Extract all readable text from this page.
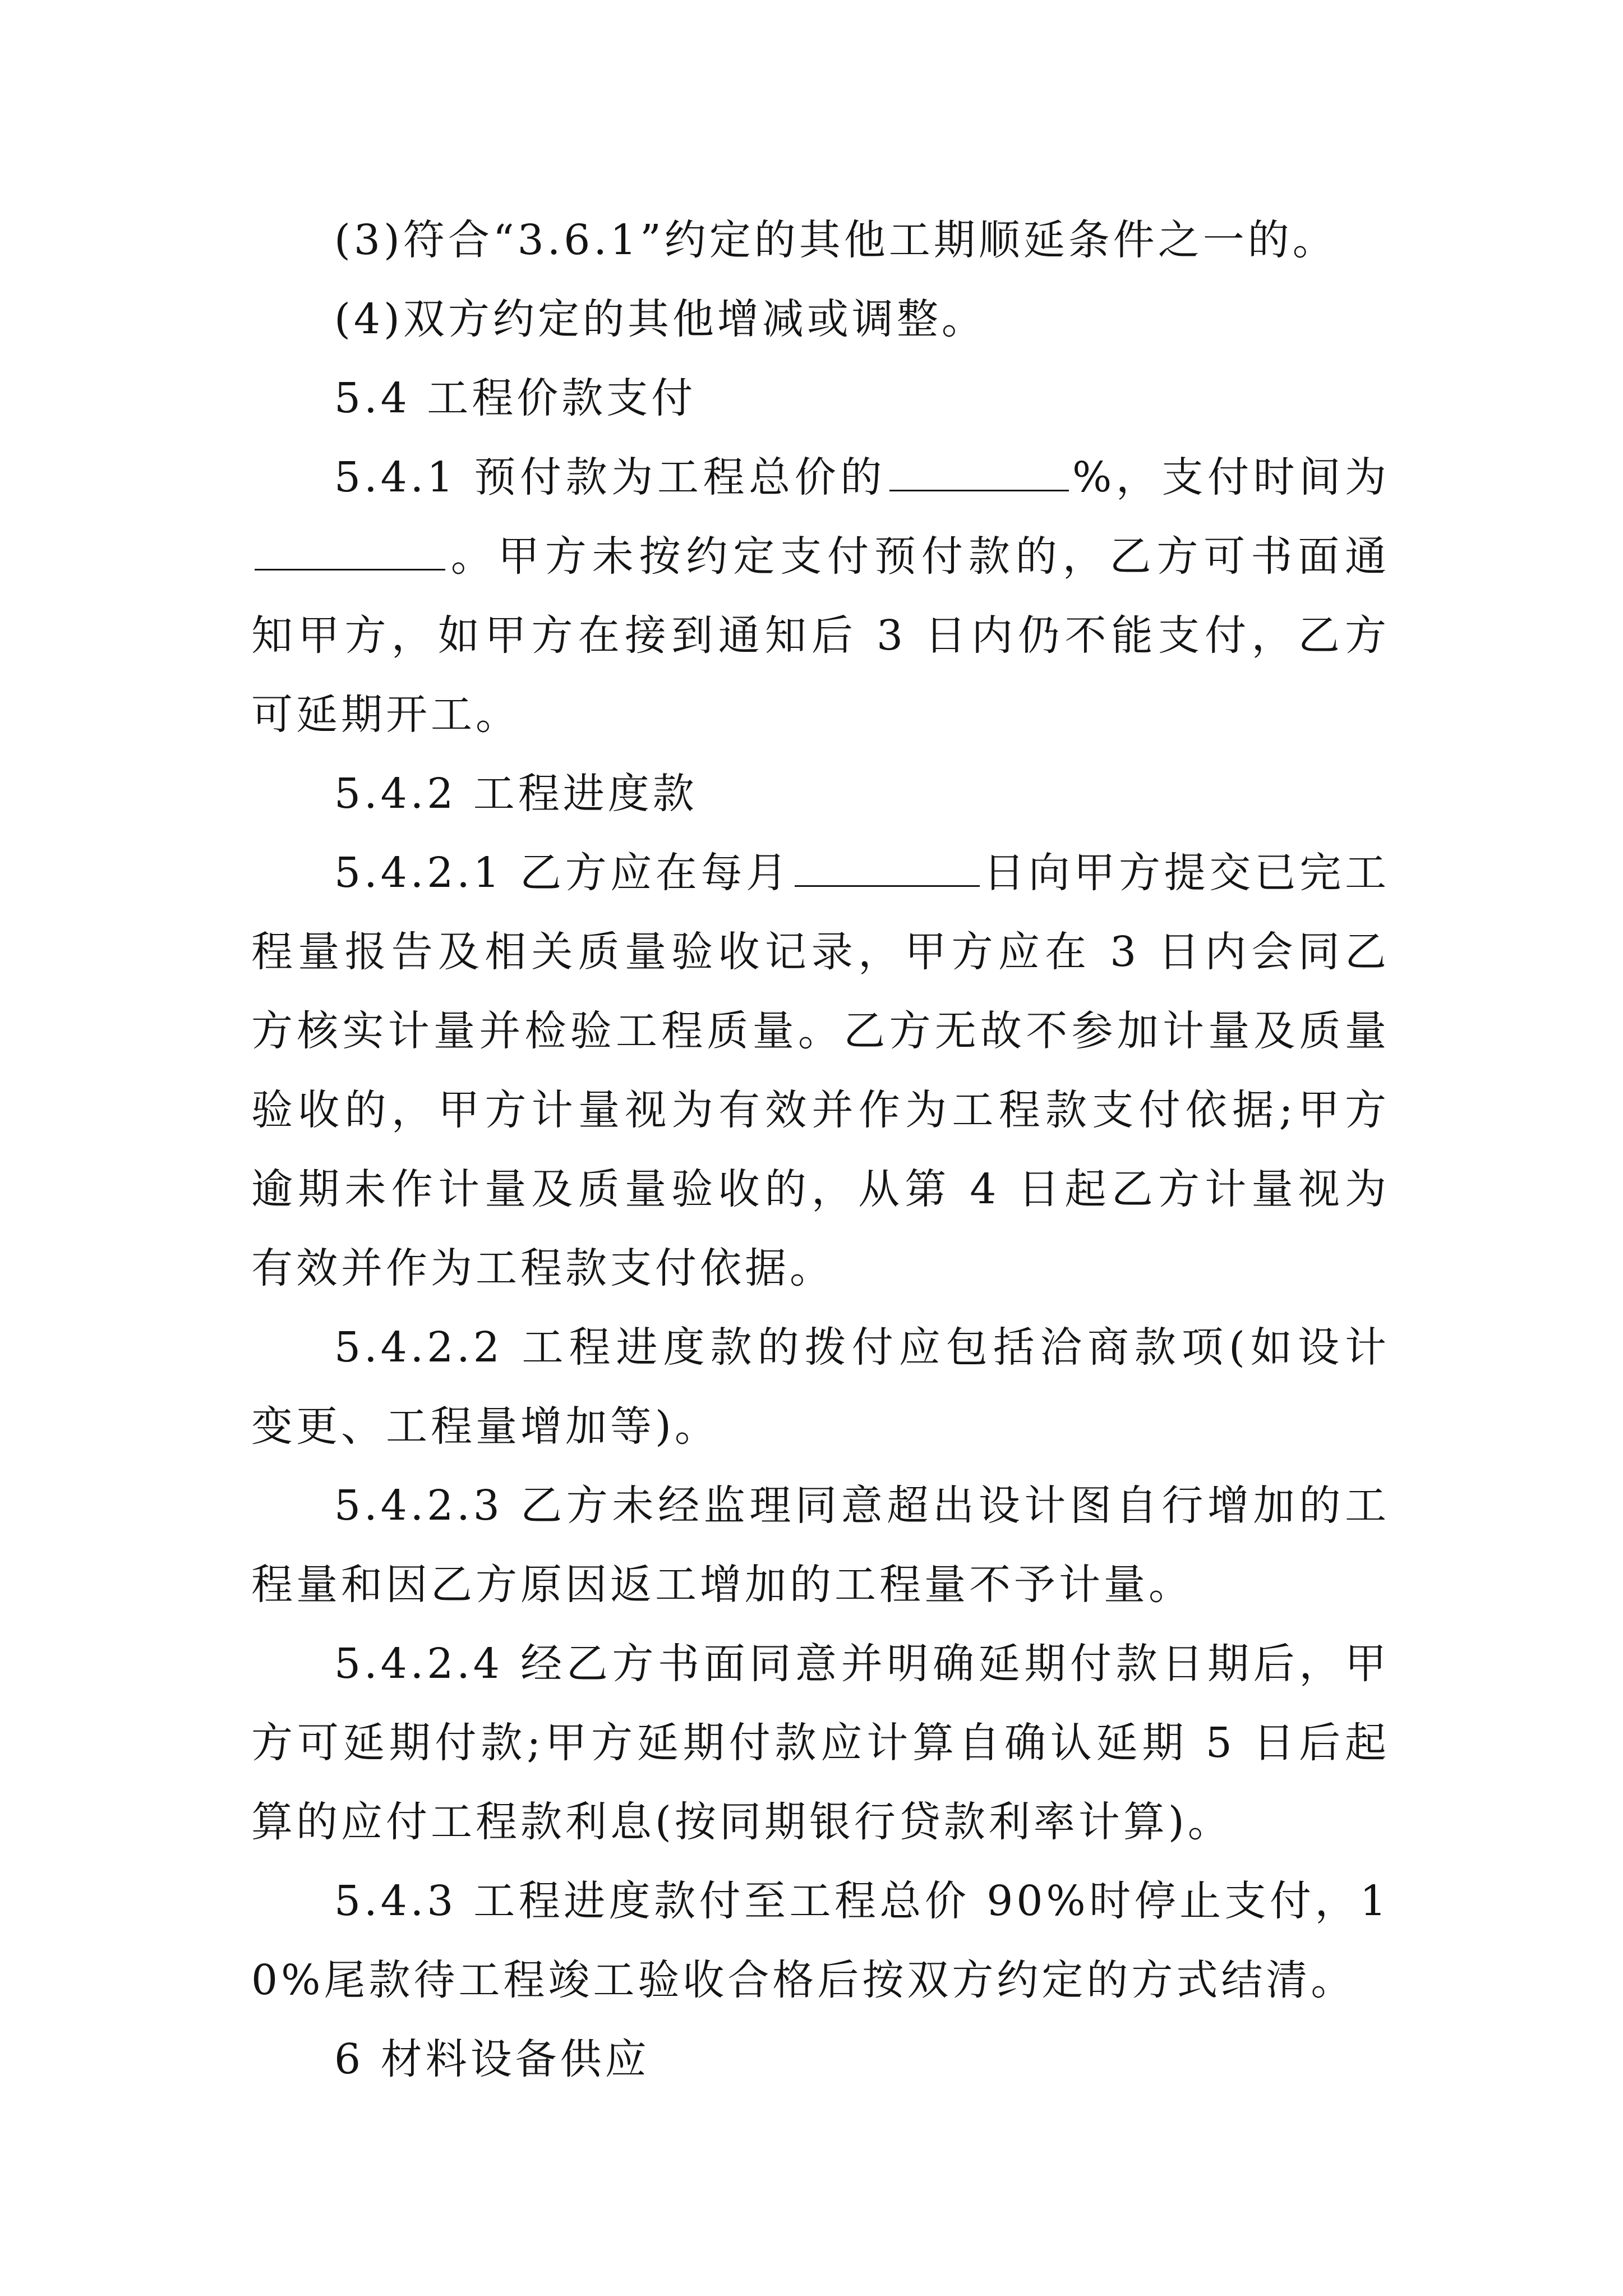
(3)符合“3.6.1”约定的其他工期顺延条件之一的。

(4)双方约定的其他增减或调整。

5.4 工程价款支付

5.4.1 预付款为工程总价的	%，支付时间为。甲方未按约定支付预付款的，乙方可书面通知甲方，如甲方在接到通知后 3 日内仍不能支付，乙方可延期开工。

5.4.2 工程进度款

5.4.2.1 乙方应在每月	日向甲方提交已完工程量报告及相关质量验收记录，甲方应在 3 日内会同乙方核实计量并检验工程质量。乙方无故不参加计量及质量验收的，甲方计量视为有效并作为工程款支付依据;甲方逾期未作计量及质量验收的，从第 4 日起乙方计量视为有效并作为工程款支付依据。

5.4.2.2 工程进度款的拨付应包括洽商款项(如设计变更、工程量增加等)。

5.4.2.3 乙方未经监理同意超出设计图自行增加的工程量和因乙方原因返工增加的工程量不予计量。

5.4.2.4 经乙方书面同意并明确延期付款日期后，甲方可延期付款;甲方延期付款应计算自确认延期 5 日后起算的应付工程款利息(按同期银行贷款利率计算)。

5.4.3 工程进度款付至工程总价 90%时停止支付，10%尾款待工程竣工验收合格后按双方约定的方式结清。

6 材料设备供应
